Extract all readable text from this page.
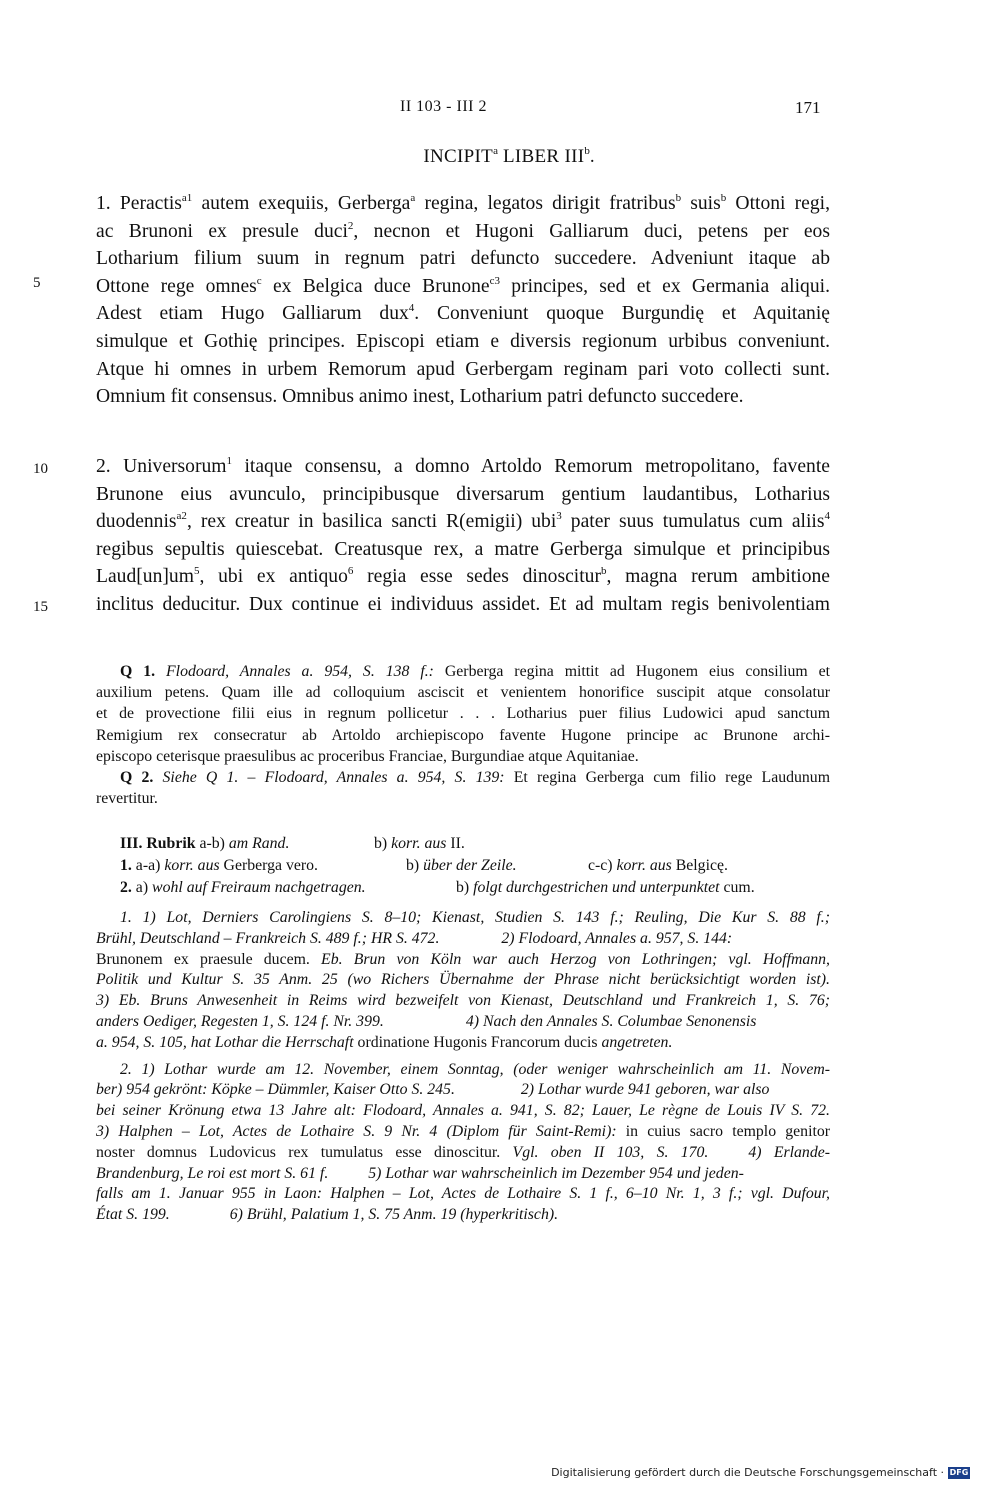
II 103 - III 2	171
INCIPIT$^a$ LIBER III$^b$.
5
10
15
1. Peractis$^{a1}$ autem exequiis, Gerberga$^a$ regina, legatos dirigit fratribus$^b$ suis$^b$ Ottoni regi,
ac Brunoni ex presule duci$^2$, necnon et Hugoni Galliarum duci, petens per eos
Lotharium filium suum in regnum patri defuncto succedere. Adveniunt itaque ab
Ottone rege omnes$^c$ ex Belgica duce Brunone$^{c3}$ principes, sed et ex Germania aliqui.
Adest etiam Hugo Galliarum dux$^4$. Conveniunt quoque Burgundię et Aquitanię
simulque et Gothię principes. Episcopi etiam e diversis regionum urbibus conveniunt.
Atque hi omnes in urbem Remorum apud Gerbergam reginam pari voto collecti sunt.
Omnium fit consensus. Omnibus animo inest, Lotharium patri defuncto succedere.
2. Universorum$^1$ itaque consensu, a domno Artoldo Remorum metropolitano, favente
Brunone eius avunculo, principibusque diversarum gentium laudantibus, Lotharius
duodennis$^{a2}$, rex creatur in basilica sancti R(emigii) ubi$^3$ pater suus tumulatus cum aliis$^4$
regibus sepultis quiescebat. Creatusque rex, a matre Gerberga simulque et principibus
$Laud[un]um^5$, ubi ex antiquo$^6$ regia esse sedes dinoscitur$^b$, magna rerum ambitione
inclitus deducitur. Dux continue ei individuus assidet. Et ad multam regis benivolentiam
Q 1. Flodoard, Annales a. 954, S. 138 f.: Gerberga regina mittit ad Hugonem eius consilium et
auxilium petens. Quam ille ad colloquium asciscit et venientem honorifice suscipit atque consolatur
et de provectione filii eius in regnum pollicetur . . . Lotharius puer filius Ludowici apud sanctum
Remigium rex consecratur ab Artoldo archiepiscopo favente Hugone principe ac Brunone archi-
episcopo ceterisque praesulibus ac proceribus Franciae, Burgundiae atque Aquitaniae.
Q 2. Siehe Q 1. – Flodoard, Annales a. 954, S. 139: Et regina Gerberga cum filio rege Laudunum
revertitur.
III. Rubrik a-b) am Rand.	b) korr. aus II.
1. a-a) korr. aus Gerberga vero.	b) über der Zeile.	c-c) korr. aus Belgicę.
2. a) wohl auf Freiraum nachgetragen.	b) folgt durchgestrichen und unterpunktet cum.
1. 1) Lot, Derniers Carolingiens S. 8–10; Kienast, Studien S. 143 f.; Reuling, Die Kur S. 88 f.;
Brühl, Deutschland – Frankreich S. 489 f.; HR S. 472.	2) Flodoard, Annales a. 957, S. 144:
Brunonem ex praesule ducem. Eb. Brun von Köln war auch Herzog von Lothringen; vgl. Hoffmann,
Politik und Kultur S. 35 Anm. 25 (wo Richers Übernahme der Phrase nicht berücksichtigt worden ist).
3) Eb. Bruns Anwesenheit in Reims wird bezweifelt von Kienast, Deutschland und Frankreich 1, S. 76;
anders Oediger, Regesten 1, S. 124 f. Nr. 399.	4) Nach den Annales S. Columbae Senonensis
a. 954, S. 105, hat Lothar die Herrschaft ordinatione Hugonis Francorum ducis angetreten.
2. 1) Lothar wurde am 12. November, einem Sonntag, (oder weniger wahrscheinlich am 11. Novem-
ber) 954 gekrönt: Köpke – Dümmler, Kaiser Otto S. 245.	2) Lothar wurde 941 geboren, war also
bei seiner Krönung etwa 13 Jahre alt: Flodoard, Annales a. 941, S. 82; Lauer, Le règne de Louis IV S. 72.
3) Halphen – Lot, Actes de Lothaire S. 9 Nr. 4 (Diplom für Saint-Remi): in cuius sacro templo genitor
noster domnus Ludovicus rex tumulatus esse dinoscitur. Vgl. oben II 103, S. 170.	4) Erlande-
Brandenburg, Le roi est mort S. 61 f.	5) Lothar war wahrscheinlich im Dezember 954 und jeden-
falls am 1. Januar 955 in Laon: Halphen – Lot, Actes de Lothaire S. 1 f., 6–10 Nr. 1, 3 f.; vgl. Dufour,
État S. 199.	6) Brühl, Palatium 1, S. 75 Anm. 19 (hyperkritisch).
Digitalisierung gefördert durch die Deutsche Forschungsgemeinschaft · DFG
